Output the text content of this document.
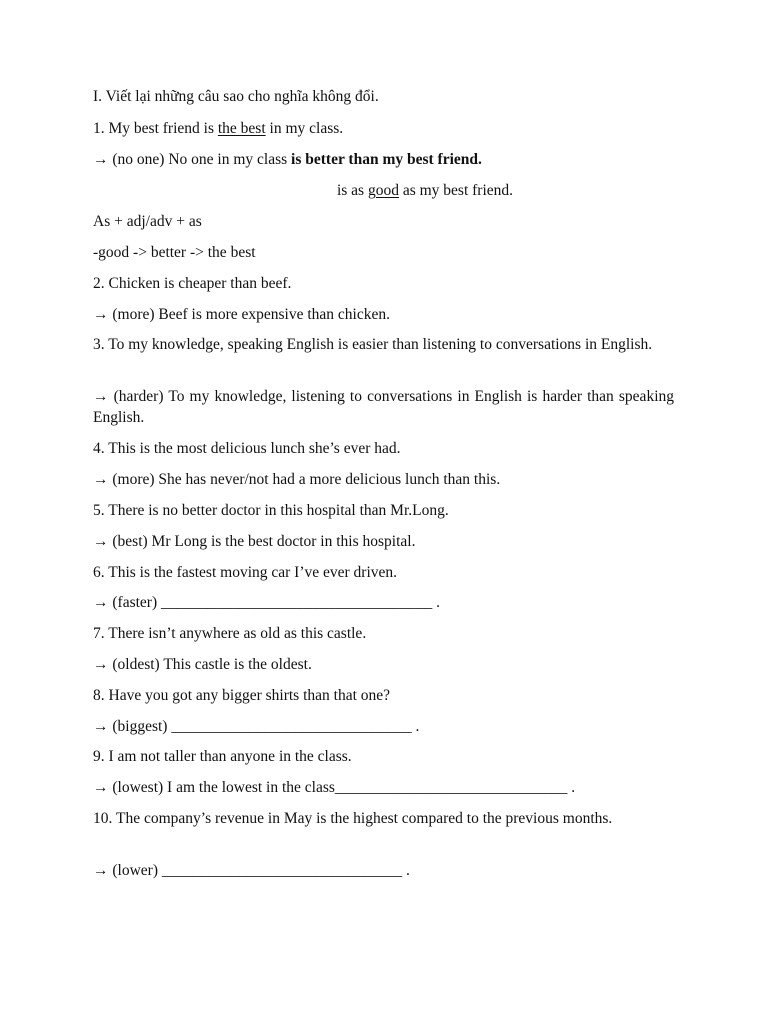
I. Viết lại những câu sao cho nghĩa không đổi.
1. My best friend is the best in my class.
→ (no one) No one in my class is better than my best friend.
is as good as my best friend.
As + adj/adv + as
-good -> better -> the best
2. Chicken is cheaper than beef.
→ (more) Beef is more expensive than chicken.
3. To my knowledge, speaking English is easier than listening to conversations in English.
→ (harder) To my knowledge, listening to conversations in English is harder than speaking English.
4. This is the most delicious lunch she’s ever had.
→ (more) She has never/not had a more delicious lunch than this.
5. There is no better doctor in this hospital than Mr.Long.
→ (best) Mr Long is the best doctor in this hospital.
6. This is the fastest moving car I’ve ever driven.
→ (faster) ___________________________________ .
7. There isn’t anywhere as old as this castle.
→ (oldest) This castle is the oldest.
8. Have you got any bigger shirts than that one?
→ (biggest) _______________________________ .
9. I am not taller than anyone in the class.
→ (lowest) I am the lowest in the class______________________________ .
10. The company’s revenue in May is the highest compared to the previous months.
→ (lower) _______________________________ .
